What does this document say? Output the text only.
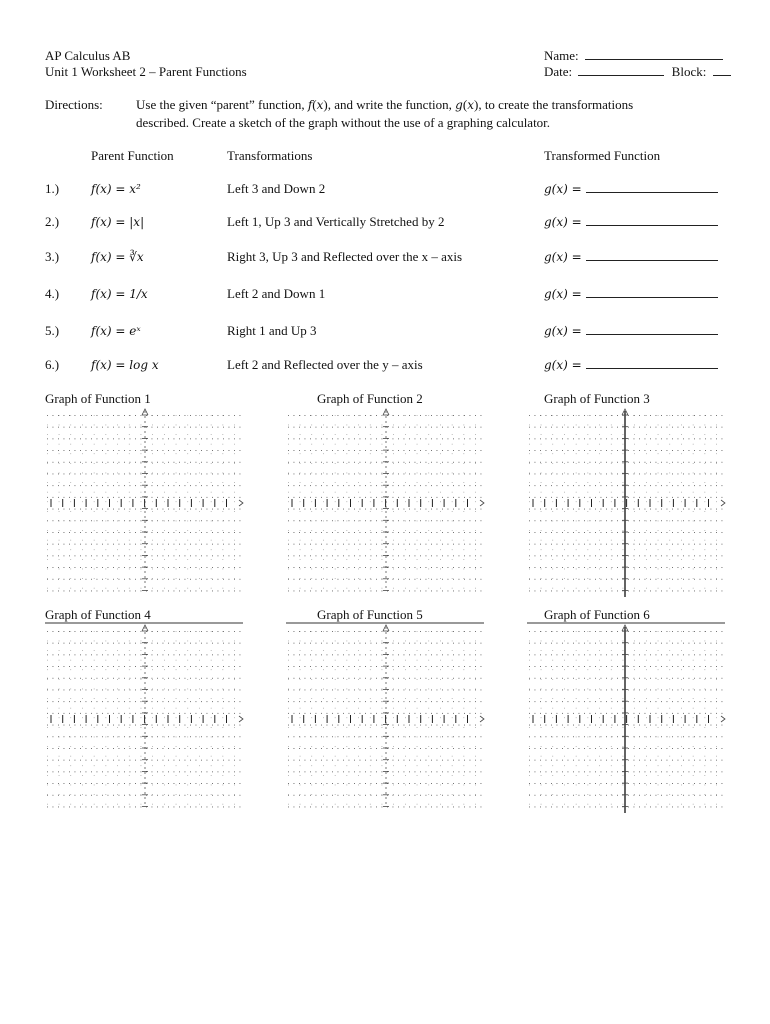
AP Calculus AB
Unit 1 Worksheet 2 – Parent Functions
Name:
Date:	Block:
Directions:	Use the given “parent” function, f(x), and write the function, g(x), to create the transformations
described. Create a sketch of the graph without the use of a graphing calculator.
Parent Function	Transformations	Transformed Function
1.)	f(x) = x²	Left 3 and Down 2	g(x) =
2.)	f(x) = |x|	Left 1, Up 3 and Vertically Stretched by 2	g(x) =
3.)	f(x) = ∛x	Right 3, Up 3 and Reflected over the x – axis	g(x) =
4.)	f(x) = 1/x	Left 2 and Down 1	g(x) =
5.)	f(x) = eˣ	Right 1 and Up 3	g(x) =
6.)	f(x) = log x	Left 2 and Reflected over the y – axis	g(x) =
Graph of Function 1	Graph of Function 2	Graph of Function 3
Graph of Function 4	Graph of Function 5	Graph of Function 6
